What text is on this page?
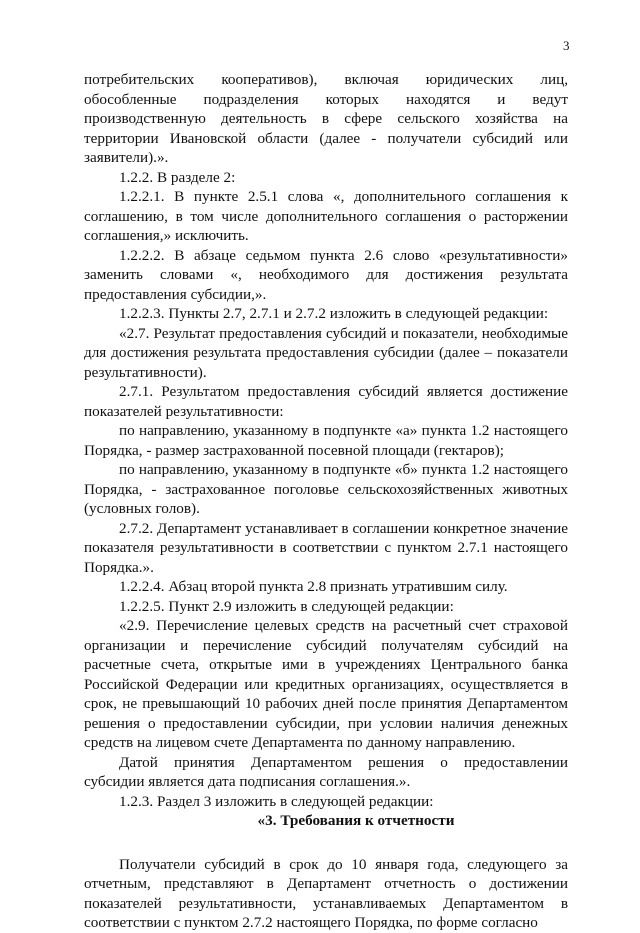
3

потребительских кооперативов), включая юридических лиц, обособленные подразделения которых находятся и ведут производственную деятельность в сфере сельского хозяйства на территории Ивановской области (далее - получатели субсидий или заявители).».

1.2.2. В разделе 2:

1.2.2.1. В пункте 2.5.1 слова «, дополнительного соглашения к соглашению, в том числе дополнительного соглашения о расторжении соглашения,» исключить.

1.2.2.2. В абзаце седьмом пункта 2.6 слово «результативности» заменить словами «, необходимого для достижения результата предоставления субсидии,».

1.2.2.3. Пункты 2.7, 2.7.1 и 2.7.2 изложить в следующей редакции:

«2.7. Результат предоставления субсидий и показатели, необходимые для достижения результата предоставления субсидии (далее – показатели результативности).

2.7.1. Результатом предоставления субсидий является достижение показателей результативности:

по направлению, указанному в подпункте «а» пункта 1.2 настоящего Порядка, - размер застрахованной посевной площади (гектаров);

по направлению, указанному в подпункте «б» пункта 1.2 настоящего Порядка, - застрахованное поголовье сельскохозяйственных животных (условных голов).

2.7.2. Департамент устанавливает в соглашении конкретное значение показателя результативности в соответствии с пунктом 2.7.1 настоящего Порядка.».

1.2.2.4. Абзац второй пункта 2.8 признать утратившим силу.

1.2.2.5. Пункт 2.9 изложить в следующей редакции:

«2.9. Перечисление целевых средств на расчетный счет страховой организации и перечисление субсидий получателям субсидий на расчетные счета, открытые ими в учреждениях Центрального банка Российской Федерации или кредитных организациях, осуществляется в срок, не превышающий 10 рабочих дней после принятия Департаментом решения о предоставлении субсидии, при условии наличия денежных средств на лицевом счете Департамента по данному направлению.

Датой принятия Департаментом решения о предоставлении субсидии является дата подписания соглашения.».

1.2.3. Раздел 3 изложить в следующей редакции:

«3. Требования к отчетности

Получатели субсидий в срок до 10 января года, следующего за отчетным, представляют в Департамент отчетность о достижении показателей результативности, устанавливаемых Департаментом в соответствии с пунктом 2.7.2 настоящего Порядка, по форме согласно
